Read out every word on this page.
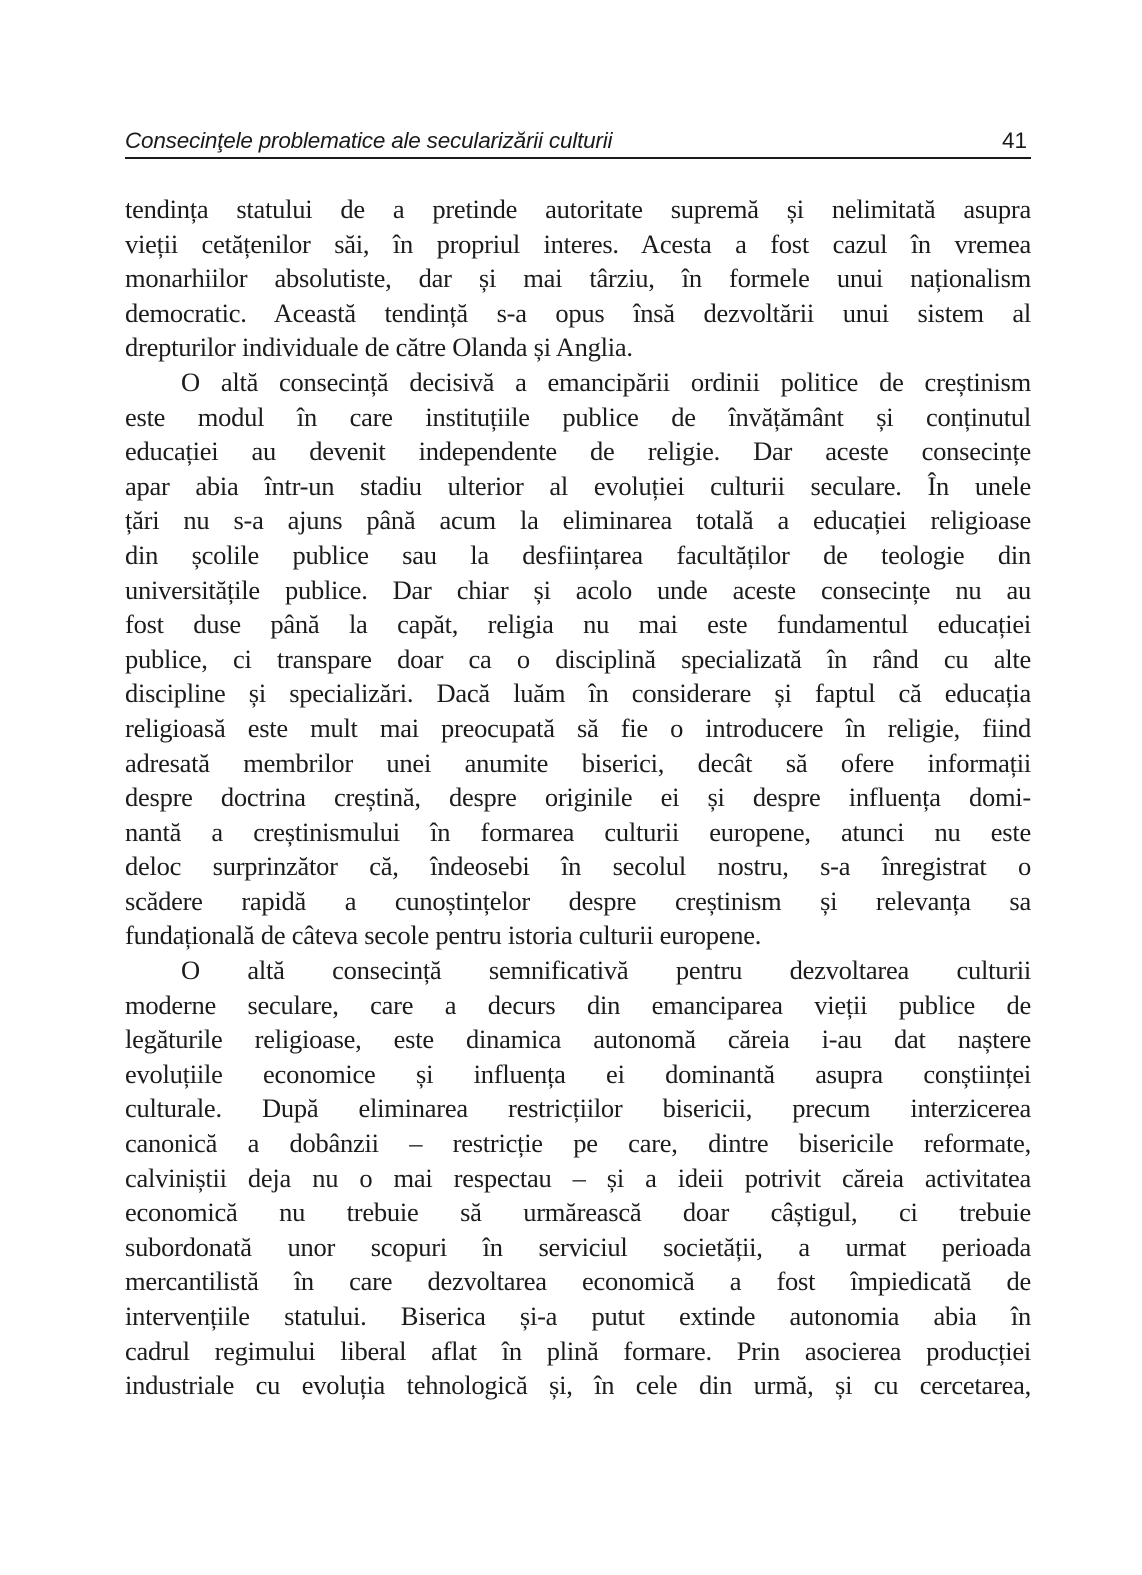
Consecinţele problematice ale secularizării culturii	41
tendința statului de a pretinde autoritate supremă și nelimitată asupra
vieții cetățenilor săi, în propriul interes. Acesta a fost cazul în vremea
monarhiilor absolutiste, dar și mai târziu, în formele unui naționalism
democratic. Această tendință s-a opus însă dezvoltării unui sistem al
drepturilor individuale de către Olanda și Anglia.
O altă consecință decisivă a emancipării ordinii politice de creștinism
este modul în care instituțiile publice de învățământ și conținutul
educației au devenit independente de religie. Dar aceste consecințe
apar abia într-un stadiu ulterior al evoluției culturii seculare. În unele
țări nu s-a ajuns până acum la eliminarea totală a educației religioase
din școlile publice sau la desființarea facultăților de teologie din
universitățile publice. Dar chiar și acolo unde aceste consecințe nu au
fost duse până la capăt, religia nu mai este fundamentul educației
publice, ci transpare doar ca o disciplină specializată în rând cu alte
discipline și specializări. Dacă luăm în considerare și faptul că educația
religioasă este mult mai preocupată să fie o introducere în religie, fiind
adresată membrilor unei anumite biserici, decât să ofere informații
despre doctrina creștină, despre originile ei și despre influența domi-
nantă a creștinismului în formarea culturii europene, atunci nu este
deloc surprinzător că, îndeosebi în secolul nostru, s-a înregistrat o
scădere rapidă a cunoștințelor despre creștinism și relevanța sa
fundațională de câteva secole pentru istoria culturii europene.
O altă consecință semnificativă pentru dezvoltarea culturii
moderne seculare, care a decurs din emanciparea vieții publice de
legăturile religioase, este dinamica autonomă căreia i-au dat naștere
evoluțiile economice și influența ei dominantă asupra conștiinței
culturale. După eliminarea restricțiilor bisericii, precum interzicerea
canonică a dobânzii – restricție pe care, dintre bisericile reformate,
calviniștii deja nu o mai respectau – și a ideii potrivit căreia activitatea
economică nu trebuie să urmărească doar câștigul, ci trebuie
subordonată unor scopuri în serviciul societății, a urmat perioada
mercantilistă în care dezvoltarea economică a fost împiedicată de
intervențiile statului. Biserica și-a putut extinde autonomia abia în
cadrul regimului liberal aflat în plină formare. Prin asocierea producției
industriale cu evoluția tehnologică și, în cele din urmă, și cu cercetarea,
